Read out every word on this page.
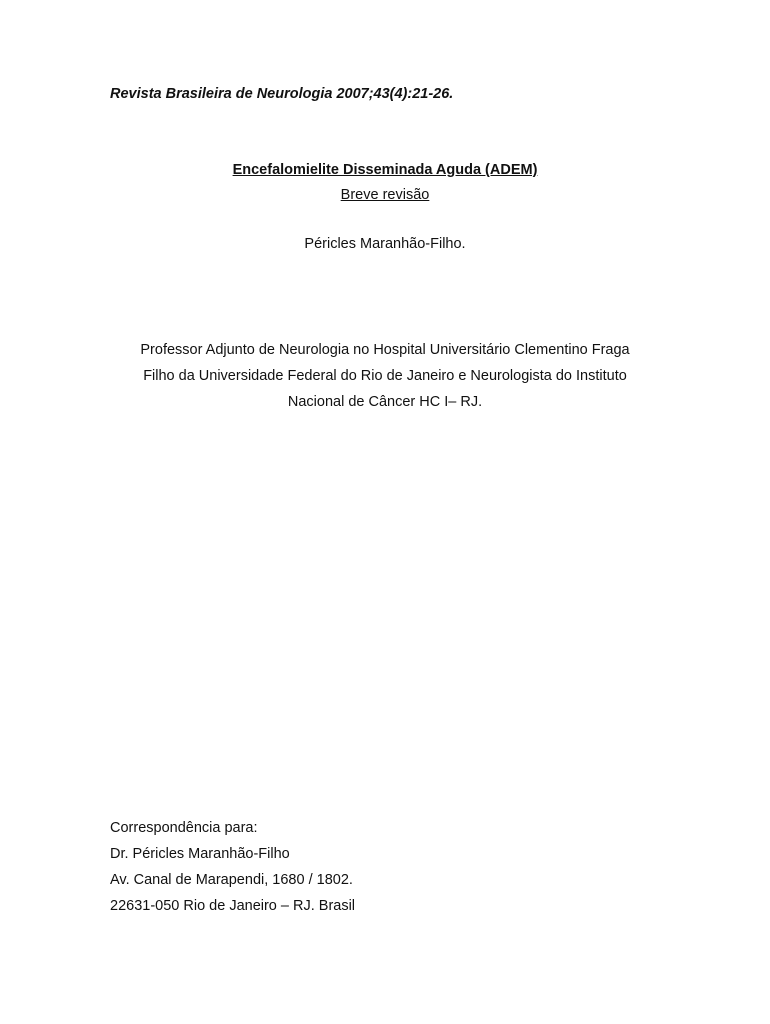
Revista Brasileira de Neurologia 2007;43(4):21-26.
Encefalomielite Disseminada Aguda (ADEM)
Breve revisão
Péricles Maranhão-Filho.
Professor Adjunto de Neurologia no Hospital Universitário Clementino Fraga
Filho da Universidade Federal do Rio de Janeiro e Neurologista do Instituto
Nacional de Câncer HC I– RJ.
Correspondência para:
Dr. Péricles Maranhão-Filho
Av. Canal de Marapendi, 1680 / 1802.
22631-050 Rio de Janeiro – RJ. Brasil
